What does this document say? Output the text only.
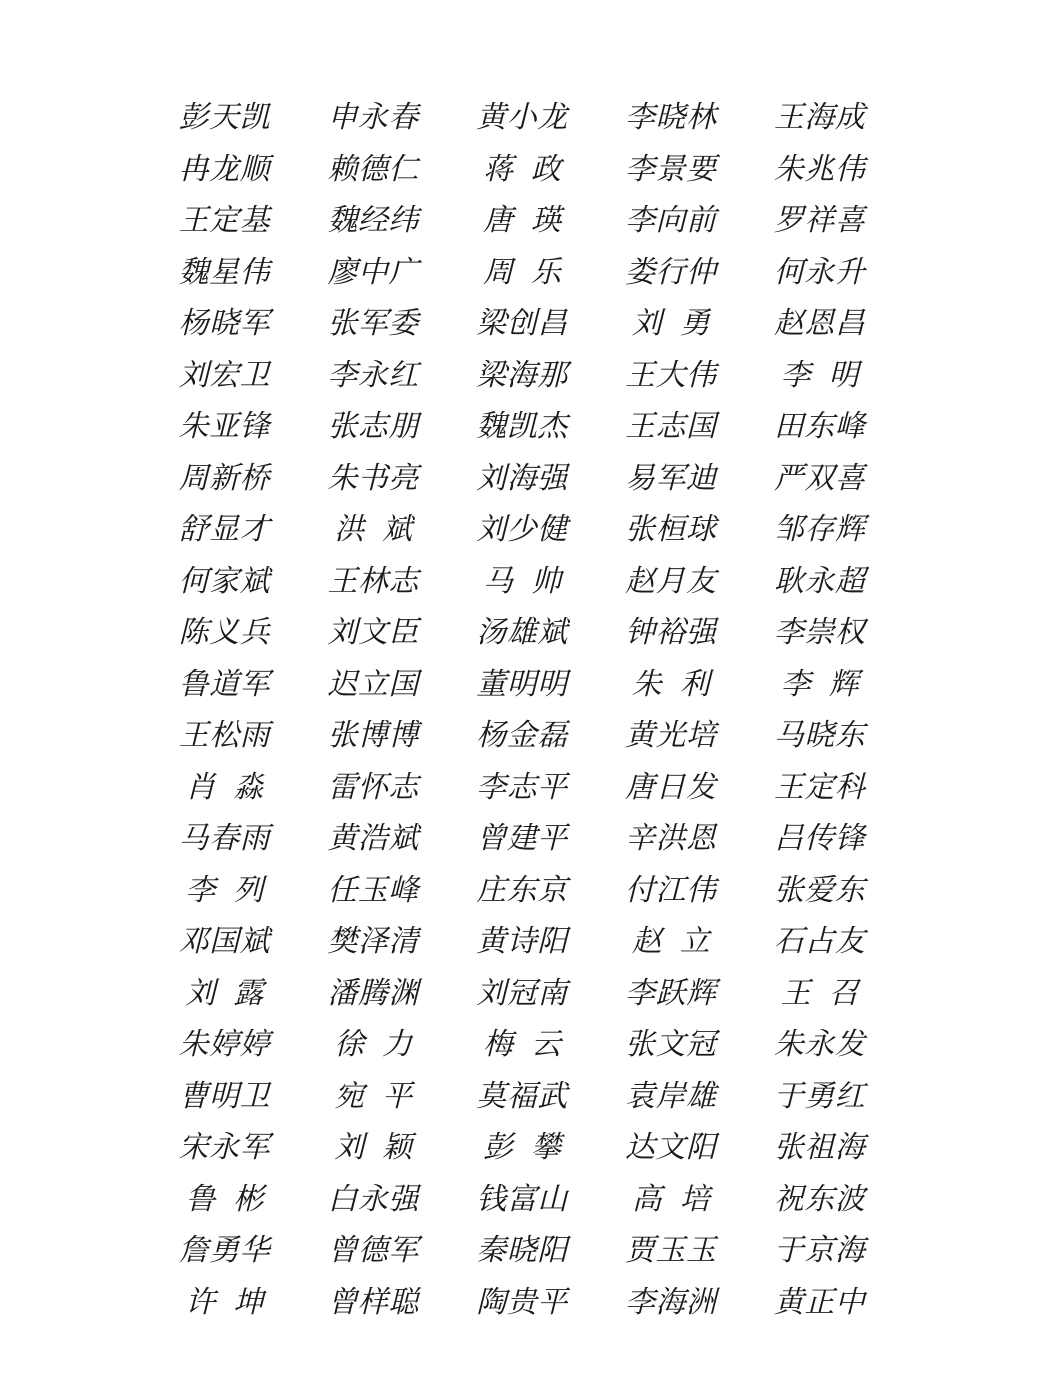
彭天凯	申永春	黄小龙	李晓林	王海成
冉龙顺	赖德仁	蒋政	李景要	朱兆伟
王定基	魏经纬	唐瑛	李向前	罗祥喜
魏星伟	廖中广	周乐	娄行仲	何永升
杨晓军	张军委	梁创昌	刘勇	赵恩昌
刘宏卫	李永红	梁海那	王大伟	李明
朱亚锋	张志朋	魏凯杰	王志国	田东峰
周新桥	朱书亮	刘海强	易军迪	严双喜
舒显才	洪斌	刘少健	张桓球	邹存辉
何家斌	王林志	马帅	赵月友	耿永超
陈义兵	刘文臣	汤雄斌	钟裕强	李崇权
鲁道军	迟立国	董明明	朱利	李辉
王松雨	张博博	杨金磊	黄光培	马晓东
肖淼	雷怀志	李志平	唐日发	王定科
马春雨	黄浩斌	曾建平	辛洪恩	吕传锋
李列	任玉峰	庄东京	付江伟	张爱东
邓国斌	樊泽清	黄诗阳	赵立	石占友
刘露	潘腾渊	刘冠南	李跃辉	王召
朱婷婷	徐力	梅云	张文冠	朱永发
曹明卫	宛平	莫福武	袁岸雄	于勇红
宋永军	刘颖	彭攀	达文阳	张祖海
鲁彬	白永强	钱富山	高培	祝东波
詹勇华	曾德军	秦晓阳	贾玉玉	于京海
许坤	曾样聪	陶贵平	李海洲	黄正中
